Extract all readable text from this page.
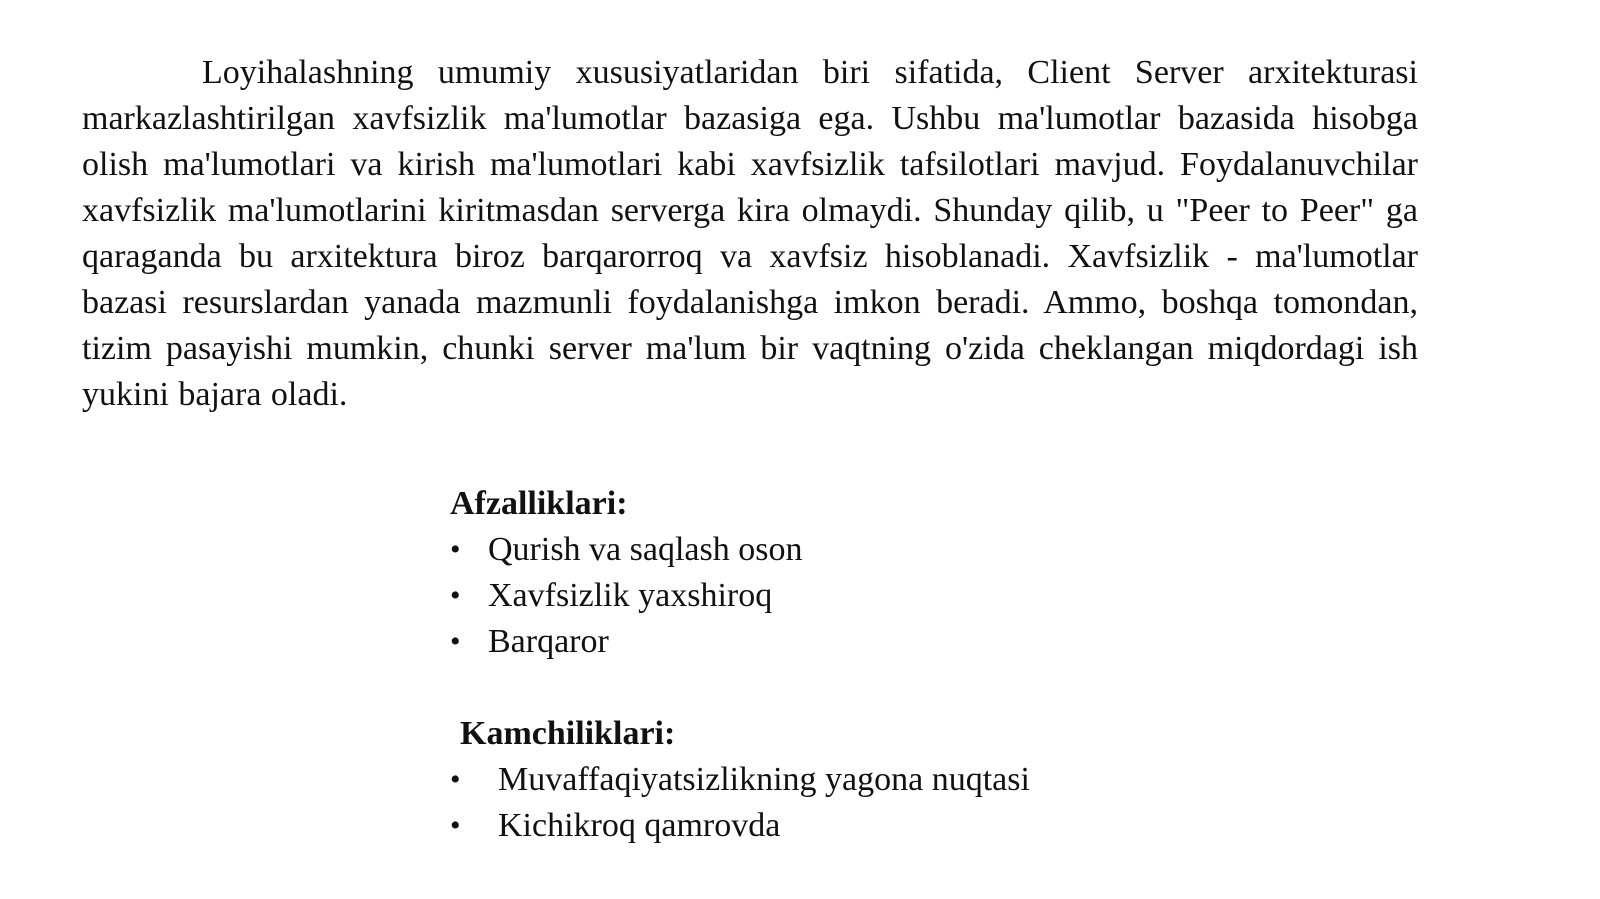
Loyihalashning umumiy xususiyatlaridan biri sifatida, Client Server arxitekturasi markazlashtirilgan xavfsizlik ma'lumotlar bazasiga ega. Ushbu ma'lumotlar bazasida hisobga olish ma'lumotlari va kirish ma'lumotlari kabi xavfsizlik tafsilotlari mavjud. Foydalanuvchilar xavfsizlik ma'lumotlarini kiritmasdan serverga kira olmaydi. Shunday qilib, u "Peer to Peer" ga qaraganda bu arxitektura biroz barqarorroq va xavfsiz hisoblanadi. Xavfsizlik - ma'lumotlar bazasi resurslardan yanada mazmunli foydalanishga imkon beradi. Ammo, boshqa tomondan, tizim pasayishi mumkin, chunki server ma'lum bir vaqtning o'zida cheklangan miqdordagi ish yukini bajara oladi.

Afzalliklari:
• Qurish va saqlash oson
• Xavfsizlik yaxshiroq
• Barqaror
Kamchiliklari:
• Muvaffaqiyatsizlikning yagona nuqtasi
• Kichikroq qamrovda
